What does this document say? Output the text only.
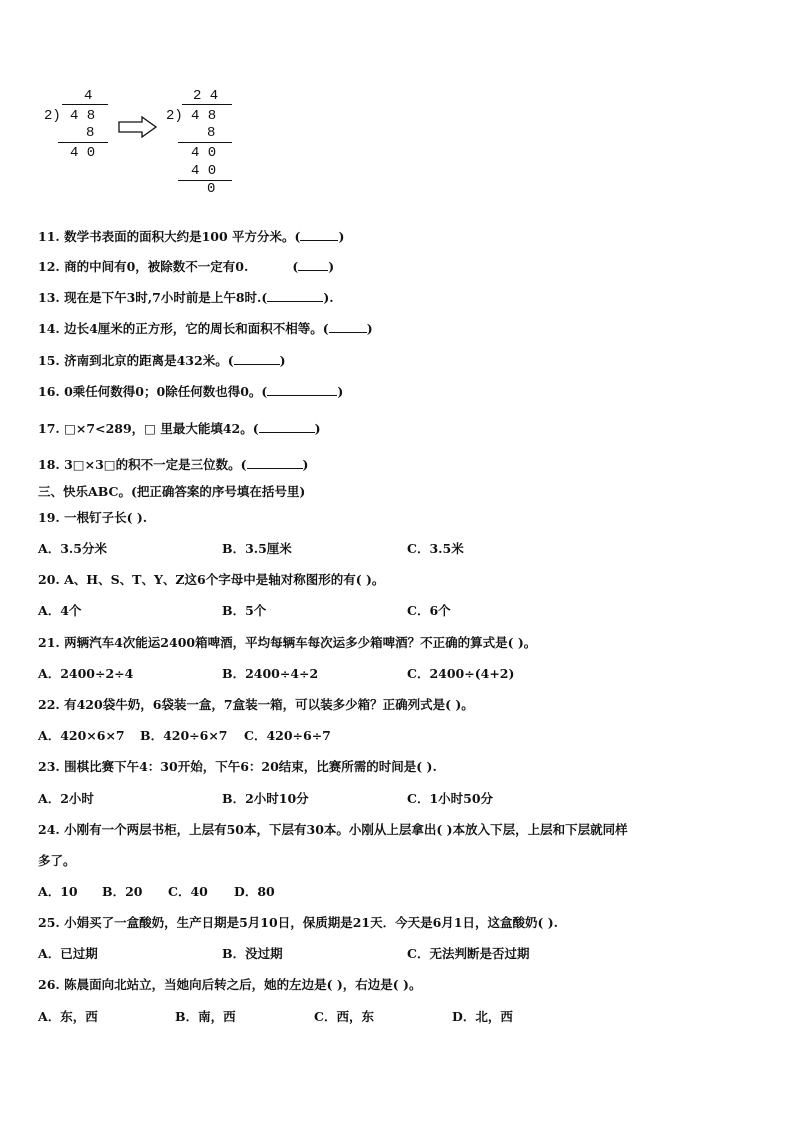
4
2) 4 8
8
4 0
2 4
2) 4 8
8
4 0
4 0
0
11. 数学书表面的面积大约是100 平方分米。(	)
12. 商的中间有0，被除数不一定有0.	( )
13. 现在是下午3时,7小时前是上午8时.(	).
14. 边长4厘米的正方形，它的周长和面积不相等。(	)
15. 济南到北京的距离是432米。(	)
16. 0乘任何数得0；0除任何数也得0。(	)
17. □×7<289，□ 里最大能填42。(	)
18. 3□×3□的积不一定是三位数。(	)
三、快乐ABC。(把正确答案的序号填在括号里)
19. 一根钉子长( ).
A．3.5分米	B．3.5厘米	C．3.5米
20. A、H、S、T、Y、Z这6个字母中是轴对称图形的有( )。
A．4个	B．5个	C．6个
21. 两辆汽车4次能运2400箱啤酒，平均每辆车每次运多少箱啤酒？不正确的算式是( )。
A．2400÷2÷4	B．2400÷4÷2	C．2400÷(4+2)
22. 有420袋牛奶，6袋装一盒，7盒装一箱，可以装多少箱？正确列式是( )。
A．420×6×7 B．420÷6×7 C．420÷6÷7
23. 围棋比赛下午4：30开始，下午6：20结束，比赛所需的时间是( ).
A．2小时	B．2小时10分	C．1小时50分
24. 小刚有一个两层书柜，上层有50本，下层有30本。小刚从上层拿出( )本放入下层，上层和下层就同样
多了。
A．10 B．20 C．40 D．80
25. 小娟买了一盒酸奶，生产日期是5月10日，保质期是21天．今天是6月1日，这盒酸奶( ).
A．已过期	B．没过期	C．无法判断是否过期
26. 陈晨面向北站立，当她向后转之后，她的左边是( )，右边是( )。
A．东，西	B．南，西	C．西，东	D．北，西
